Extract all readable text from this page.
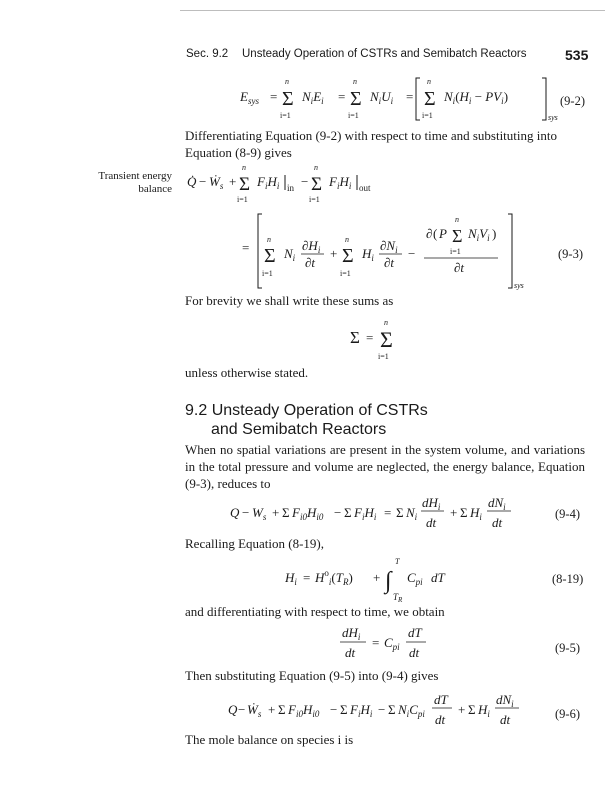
Sec. 9.2 Unsteady Operation of CSTRs and Semibatch Reactors	535
$E_{sys} = \Sigma$
n
i=1
$N_iE_i = \Sigma$
n
i=1
$N_iU_i = \Sigma$
n
i=1
$N_i(H_i - PV_i)$
sys
(9-2)
Differentiating Equation (9-2) with respect to time and substituting into Equation (8-9) gives
Transient energy
balance Q̇ − Ẇ$_s$ + Σ
n
i=1
$F_iH_i$ in − Σ
n
i=1
$F_iH_i$ out
= Σ
n
i=1
$N_i$
$\partial H_i$
∂t
+ Σ
n
i=1
$H_i$
$\partial N_i$
∂t
−
∂ ( P Σ
n
i=1
$N_iV_i$ )
∂t
sys
(9-3)
For brevity we shall write these sums as
Σ = Σ
n
i=1
unless otherwise stated.
9.2 Unsteady Operation of CSTRs
and Semibatch Reactors
When no spatial variations are present in the system volume, and variations in the total pressure and volume are neglected, the energy balance, Equation (9-3), reduces to
$Q - W_s + \Sigma$ $F_{i0}H_{i0} - \Sigma$ $F_iH_i = \Sigma$ $N_i$
$dH_i$
dt
+ Σ $H_i$
$dN_i$
dt
(9-4)
Recalling Equation (8-19),
$H_i = H^o_i(T_R)$ + ∫
T
$T_R$
$C_{pi}$ dT	(8-19)
and differentiating with respect to time, we obtain
$dH_i$
dt
= $C_{pi}$
dT
dt	(9-5)
Then substituting Equation (9-5) into (9-4) gives
Q − Ẇ$_s$ + Σ $F_{i0}H_{i0} - \Sigma$ $F_iH_i - \Sigma$ $N_iC_{pi}$
dT
dt
+ Σ $H_i$
$dN_i$
dt	(9-6)
The mole balance on species i is
